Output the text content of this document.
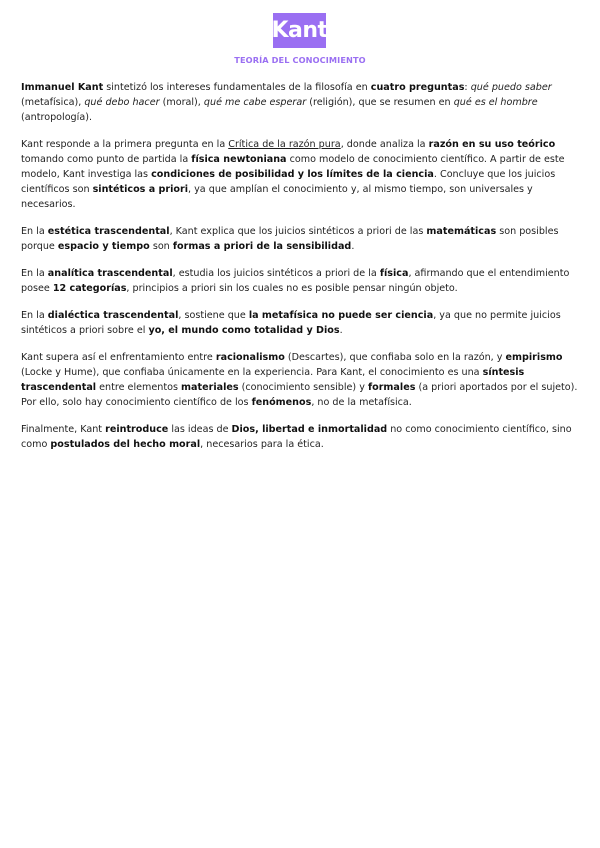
Kant
TEORÍA DEL CONOCIMIENTO

Immanuel Kant sintetizó los intereses fundamentales de la filosofía en cuatro preguntas: qué puedo saber (metafísica), qué debo hacer (moral), qué me cabe esperar (religión), que se resumen en qué es el hombre (antropología).

Kant responde a la primera pregunta en la Crítica de la razón pura, donde analiza la razón en su uso teórico tomando como punto de partida la física newtoniana como modelo de conocimiento científico. A partir de este modelo, Kant investiga las condiciones de posibilidad y los límites de la ciencia. Concluye que los juicios científicos son sintéticos a priori, ya que amplían el conocimiento y, al mismo tiempo, son universales y necesarios.

En la estética trascendental, Kant explica que los juicios sintéticos a priori de las matemáticas son posibles porque espacio y tiempo son formas a priori de la sensibilidad.

En la analítica trascendental, estudia los juicios sintéticos a priori de la física, afirmando que el entendimiento posee 12 categorías, principios a priori sin los cuales no es posible pensar ningún objeto.

En la dialéctica trascendental, sostiene que la metafísica no puede ser ciencia, ya que no permite juicios sintéticos a priori sobre el yo, el mundo como totalidad y Dios.

Kant supera así el enfrentamiento entre racionalismo (Descartes), que confiaba solo en la razón, y empirismo (Locke y Hume), que confiaba únicamente en la experiencia. Para Kant, el conocimiento es una síntesis trascendental entre elementos materiales (conocimiento sensible) y formales (a priori aportados por el sujeto). Por ello, solo hay conocimiento científico de los fenómenos, no de la metafísica.

Finalmente, Kant reintroduce las ideas de Dios, libertad e inmortalidad no como conocimiento científico, sino como postulados del hecho moral, necesarios para la ética.
